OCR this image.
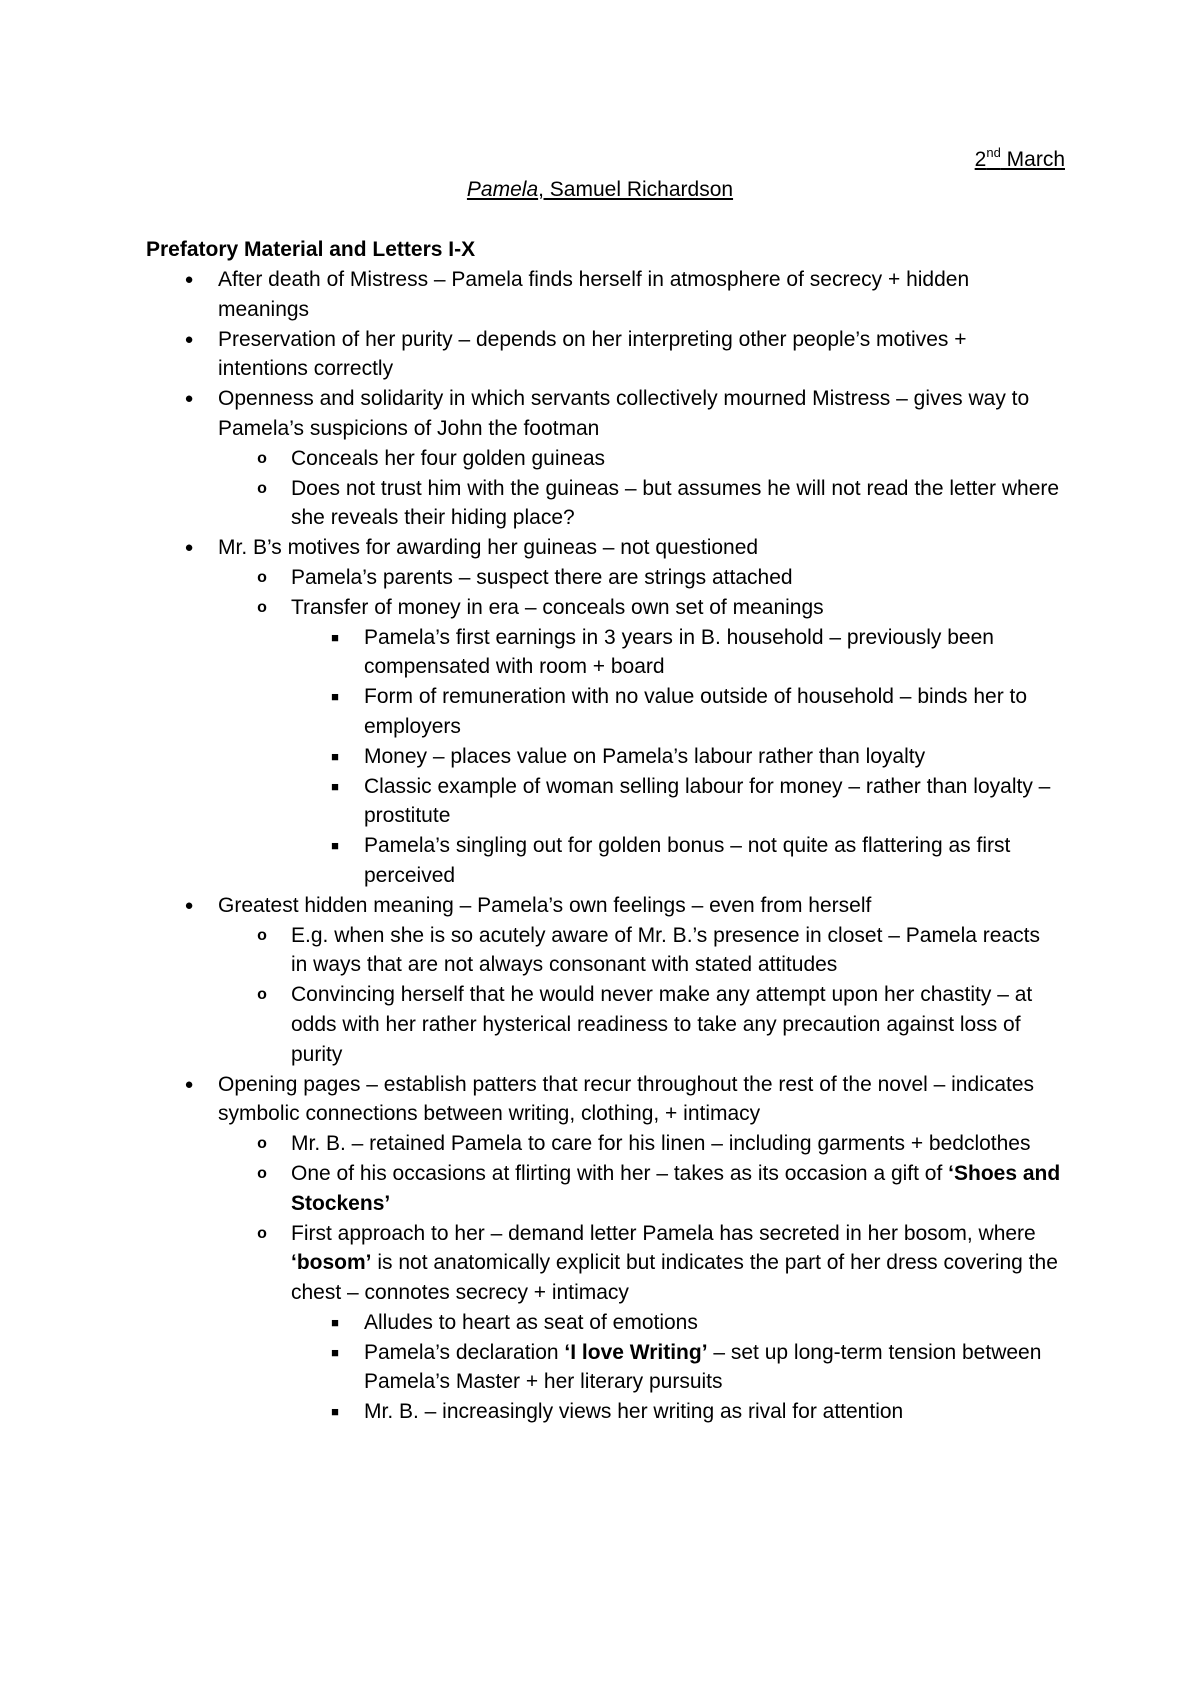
2nd March
Pamela, Samuel Richardson
Prefatory Material and Letters I-X
● After death of Mistress – Pamela finds herself in atmosphere of secrecy + hidden meanings
● Preservation of her purity – depends on her interpreting other people’s motives + intentions correctly
● Openness and solidarity in which servants collectively mourned Mistress – gives way to Pamela’s suspicions of John the footman
o Conceals her four golden guineas
o Does not trust him with the guineas – but assumes he will not read the letter where she reveals their hiding place?
● Mr. B’s motives for awarding her guineas – not questioned
o Pamela’s parents – suspect there are strings attached
o Transfer of money in era – conceals own set of meanings
■ Pamela’s first earnings in 3 years in B. household – previously been compensated with room + board
■ Form of remuneration with no value outside of household – binds her to employers
■ Money – places value on Pamela’s labour rather than loyalty
■ Classic example of woman selling labour for money – rather than loyalty – prostitute
■ Pamela’s singling out for golden bonus – not quite as flattering as first perceived
● Greatest hidden meaning – Pamela’s own feelings – even from herself
o E.g. when she is so acutely aware of Mr. B.’s presence in closet – Pamela reacts in ways that are not always consonant with stated attitudes
o Convincing herself that he would never make any attempt upon her chastity – at odds with her rather hysterical readiness to take any precaution against loss of purity
● Opening pages – establish patters that recur throughout the rest of the novel – indicates symbolic connections between writing, clothing, + intimacy
o Mr. B. – retained Pamela to care for his linen – including garments + bedclothes
o One of his occasions at flirting with her – takes as its occasion a gift of ‘Shoes and Stockens’
o First approach to her – demand letter Pamela has secreted in her bosom, where ‘bosom’ is not anatomically explicit but indicates the part of her dress covering the chest – connotes secrecy + intimacy
■ Alludes to heart as seat of emotions
■ Pamela’s declaration ‘I love Writing’ – set up long-term tension between Pamela’s Master + her literary pursuits
■ Mr. B. – increasingly views her writing as rival for attention
